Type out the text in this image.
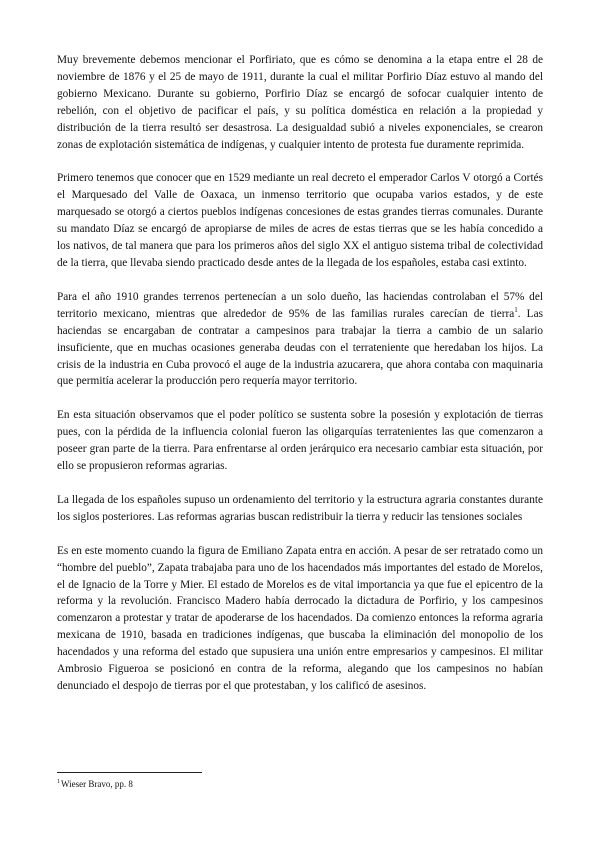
Muy brevemente debemos mencionar el Porfiriato, que es cómo se denomina a la etapa entre el 28 de noviembre de 1876 y el 25 de mayo de 1911, durante la cual el militar Porfirio Díaz estuvo al mando del gobierno Mexicano. Durante su gobierno, Porfirio Díaz se encargó de sofocar cualquier intento de rebelión, con el objetivo de pacificar el país, y su política doméstica en relación a la propiedad y distribución de la tierra resultó ser desastrosa. La desigualdad subió a niveles exponenciales, se crearon zonas de explotación sistemática de indígenas, y cualquier intento de protesta fue duramente reprimida.

Primero tenemos que conocer que en 1529 mediante un real decreto el emperador Carlos V otorgó a Cortés el Marquesado del Valle de Oaxaca, un inmenso territorio que ocupaba varios estados, y de este marquesado se otorgó a ciertos pueblos indígenas concesiones de estas grandes tierras comunales. Durante su mandato Díaz se encargó de apropiarse de miles de acres de estas tierras que se les había concedido a los nativos, de tal manera que para los primeros años del siglo XX el antiguo sistema tribal de colectividad de la tierra, que llevaba siendo practicado desde antes de la llegada de los españoles, estaba casi extinto.

Para el año 1910 grandes terrenos pertenecían a un solo dueño, las haciendas controlaban el 57% del territorio mexicano, mientras que alrededor de 95% de las familias rurales carecían de tierra$^1$. Las haciendas se encargaban de contratar a campesinos para trabajar la tierra a cambio de un salario insuficiente, que en muchas ocasiones generaba deudas con el terrateniente que heredaban los hijos. La crisis de la industria en Cuba provocó el auge de la industria azucarera, que ahora contaba con maquinaria que permitía acelerar la producción pero requería mayor territorio.

En esta situación observamos que el poder político se sustenta sobre la posesión y explotación de tierras pues, con la pérdida de la influencia colonial fueron las oligarquías terratenientes las que comenzaron a poseer gran parte de la tierra. Para enfrentarse al orden jerárquico era necesario cambiar esta situación, por ello se propusieron reformas agrarias.

La llegada de los españoles supuso un ordenamiento del territorio y la estructura agraria constantes durante los siglos posteriores. Las reformas agrarias buscan redistribuir la tierra y reducir las tensiones sociales

Es en este momento cuando la figura de Emiliano Zapata entra en acción. A pesar de ser retratado como un “hombre del pueblo”, Zapata trabajaba para uno de los hacendados más importantes del estado de Morelos, el de Ignacio de la Torre y Mier. El estado de Morelos es de vital importancia ya que fue el epicentro de la reforma y la revolución. Francisco Madero había derrocado la dictadura de Porfirio, y los campesinos comenzaron a protestar y tratar de apoderarse de los hacendados. Da comienzo entonces la reforma agraria mexicana de 1910, basada en tradiciones indígenas, que buscaba la eliminación del monopolio de los hacendados y una reforma del estado que supusiera una unión entre empresarios y campesinos. El militar Ambrosio Figueroa se posicionó en contra de la reforma, alegando que los campesinos no habían denunciado el despojo de tierras por el que protestaban, y los calificó de asesinos.

$^1$Wieser Bravo, pp. 8
